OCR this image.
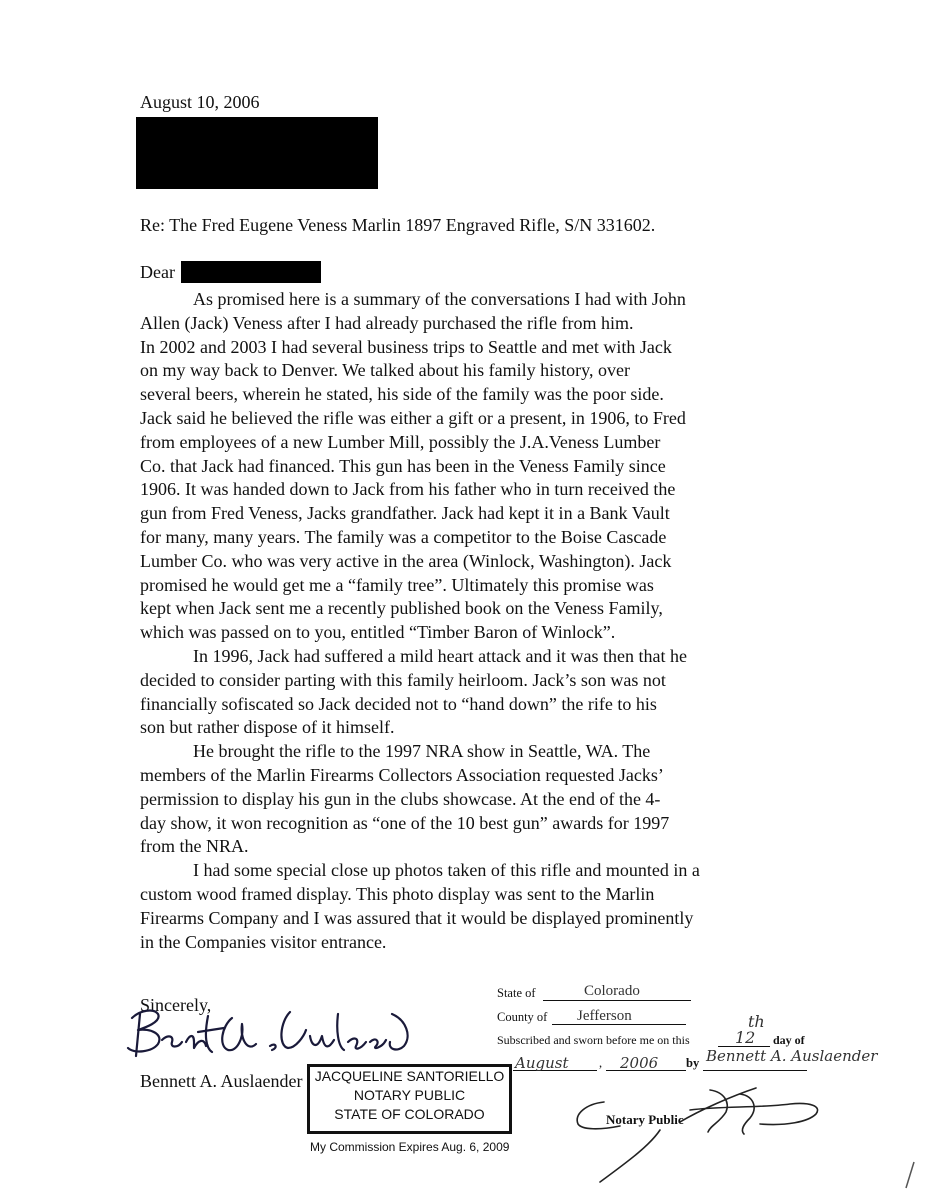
August 10, 2006
Re: The Fred Eugene Veness Marlin 1897 Engraved Rifle, S/N 331602.
Dear
As promised here is a summary of the conversations I had with John
Allen (Jack) Veness after I had already purchased the rifle from him.
In 2002 and 2003 I had several business trips to Seattle and met with Jack
on my way back to Denver. We talked about his family history, over
several beers, wherein he stated, his side of the family was the poor side.
Jack said he believed the rifle was either a gift or a present, in 1906, to Fred
from employees of a new Lumber Mill, possibly the J.A.Veness Lumber
Co. that Jack had financed. This gun has been in the Veness Family since
1906. It was handed down to Jack from his father who in turn received the
gun from Fred Veness, Jacks grandfather. Jack had kept it in a Bank Vault
for many, many years. The family was a competitor to the Boise Cascade
Lumber Co. who was very active in the area (Winlock, Washington). Jack
promised he would get me a “family tree”. Ultimately this promise was
kept when Jack sent me a recently published book on the Veness Family,
which was passed on to you, entitled “Timber Baron of Winlock”.
In 1996, Jack had suffered a mild heart attack and it was then that he
decided to consider parting with this family heirloom. Jack’s son was not
financially sofiscated so Jack decided not to “hand down” the rife to his
son but rather dispose of it himself.
He brought the rifle to the 1997 NRA show in Seattle, WA. The
members of the Marlin Firearms Collectors Association requested Jacks’
permission to display his gun in the clubs showcase. At the end of the 4-
day show, it won recognition as “one of the 10 best gun” awards for 1997
from the NRA.
I had some special close up photos taken of this rifle and mounted in a
custom wood framed display. This photo display was sent to the Marlin
Firearms Company and I was assured that it would be displayed prominently
in the Companies visitor entrance.
Sincerely,
Bennett A. Auslaender
State of	Colorado
County of Jefferson
Subscribed and sworn before me on this	12
th
day of
August , 2006 by Bennett A. Auslaender
JACQUELINE SANTORIELLO
NOTARY PUBLIC
STATE OF COLORADO
My Commission Expires Aug. 6, 2009
Notary Public
